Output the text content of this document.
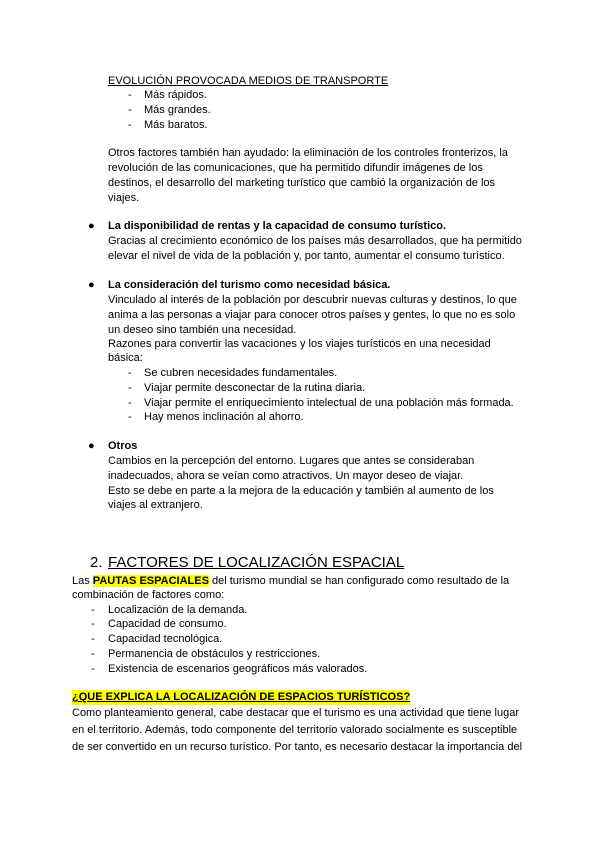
EVOLUCIÓN PROVOCADA MEDIOS DE TRANSPORTE
- Más rápidos.
- Más grandes.
- Más baratos.
Otros factores también han ayudado: la eliminación de los controles fronterizos, la
revolución de las comunicaciones, que ha permitido difundir imágenes de los
destinos, el desarrollo del marketing turístico que cambió la organización de los
viajes.
● La disponibilidad de rentas y la capacidad de consumo turístico.
Gracias al crecimiento económico de los países más desarrollados, que ha permitido
elevar el nivel de vida de la población y, por tanto, aumentar el consumo turístico.
● La consideración del turismo como necesidad básica.
Vinculado al interés de la población por descubrir nuevas culturas y destinos, lo que
anima a las personas a viajar para conocer otros países y gentes, lo que no es solo
un deseo sino también una necesidad.
Razones para convertir las vacaciones y los viajes turísticos en una necesidad
básica:
- Se cubren necesidades fundamentales.
- Viajar permite desconectar de la rutina diaria.
- Viajar permite el enriquecimiento intelectual de una población más formada.
- Hay menos inclinación al ahorro.
● Otros
Cambios en la percepción del entorno. Lugares que antes se consideraban
inadecuados, ahora se veían como atractivos. Un mayor deseo de viajar.
Esto se debe en parte a la mejora de la educación y también al aumento de los
viajes al extranjero.
2. FACTORES DE LOCALIZACIÓN ESPACIAL
Las PAUTAS ESPACIALES del turismo mundial se han configurado como resultado de la
combinación de factores como:
- Localización de la demanda.
- Capacidad de consumo.
- Capacidad tecnológica.
- Permanencia de obstáculos y restricciones.
- Existencia de escenarios geográficos más valorados.
¿QUE EXPLICA LA LOCALIZACIÓN DE ESPACIOS TURÍSTICOS?
Como planteamiento general, cabe destacar que el turismo es una actividad que tiene lugar
en el territorio. Además, todo componente del territorio valorado socialmente es susceptible
de ser convertido en un recurso turístico. Por tanto, es necesario destacar la importancia del
